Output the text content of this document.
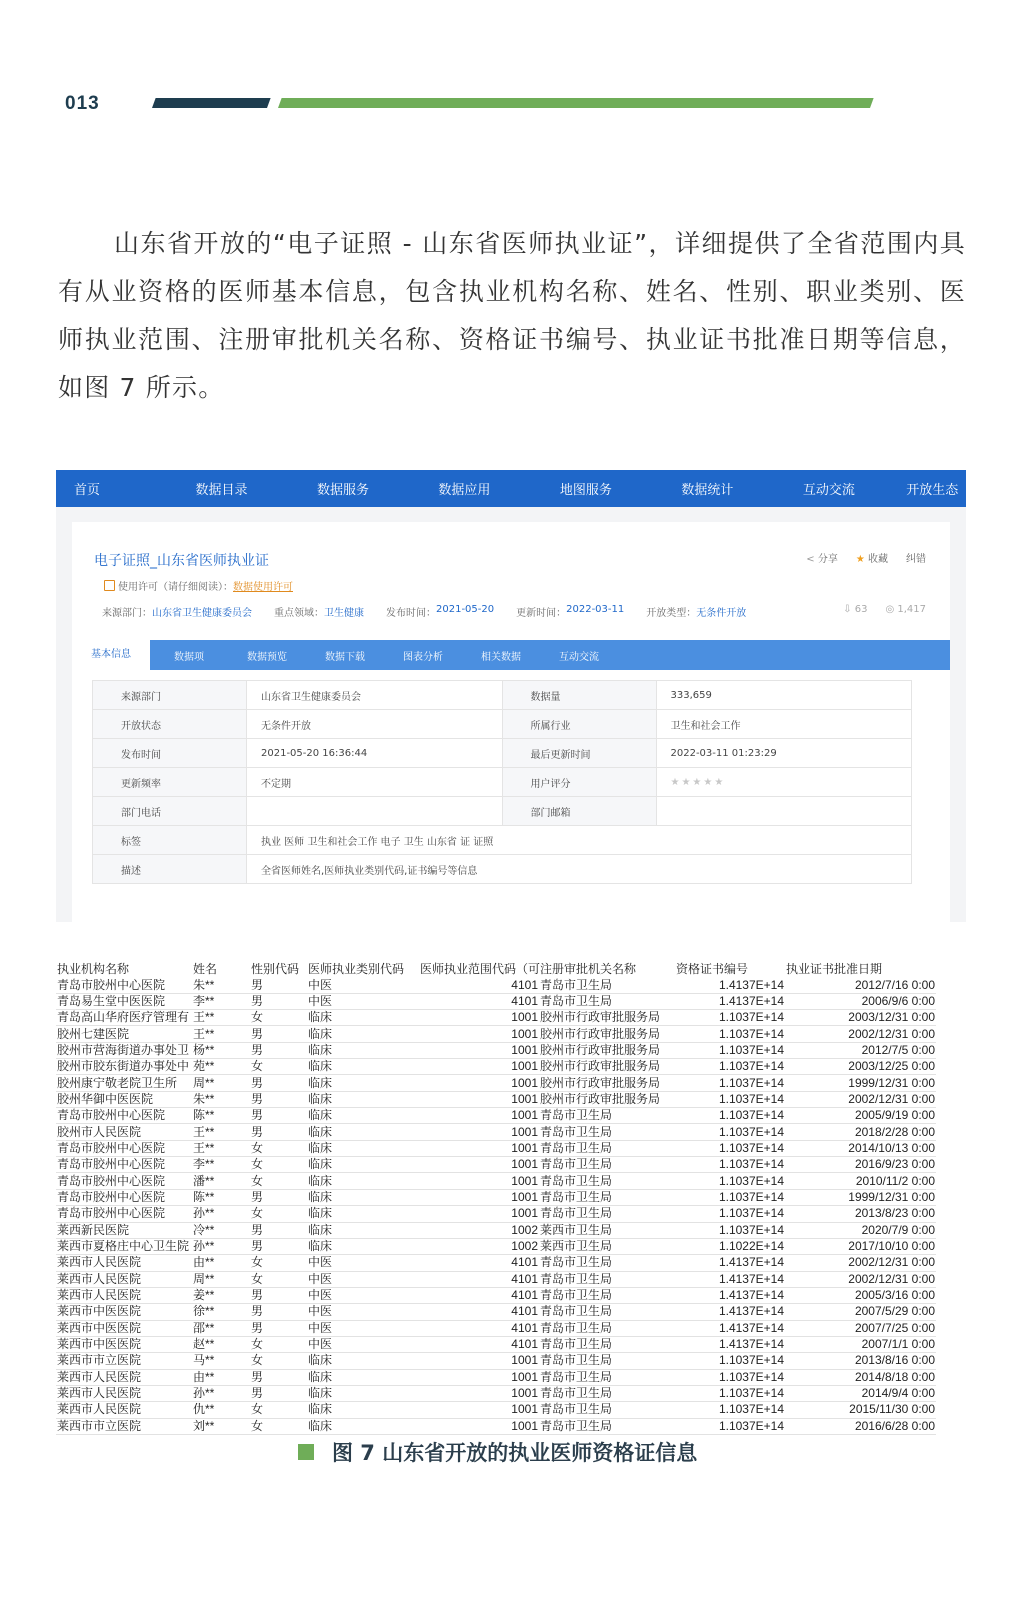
013

山东省开放的“电子证照 - 山东省医师执业证”，详细提供了全省范围内具有从业资格的医师基本信息，包含执业机构名称、姓名、性别、职业类别、医师执业范围、注册审批机关名称、资格证书编号、执业证书批准日期等信息，如图 7 所示。

首页	数据目录	数据服务	数据应用	地图服务	数据统计	互动交流	开放生态
电子证照_山东省医师执业证
使用许可（请仔细阅读）：数据使用许可
< 分享 ★ 收藏 纠错
来源部门： 山东省卫生健康委员会 重点领域： 卫生健康 发布时间： 2021-05-20 更新时间： 2022-03-11 开放类型： 无条件开放	⇩ 63 ◎ 1,417
基本信息	数据项	数据预览	数据下载	图表分析	相关数据	互动交流
来源部门	山东省卫生健康委员会	数据量	333,659
开放状态	无条件开放	所属行业	卫生和社会工作
发布时间	2021-05-20 16:36:44	最后更新时间	2022-03-11 01:23:29
更新频率	不定期	用户评分	★★★★★
部门电话		部门邮箱	
标签	执业 医师 卫生和社会工作 电子 卫生 山东省 证 证照		
描述	全省医师姓名,医师执业类别代码,证书编号等信息		
执业机构名称	姓名	性别代码	医师执业类别代码	医师执业范围代码（可注册审批机关名称		资格证书编号	执业证书批准日期
青岛市胶州中心医院	朱**	男	中医	4101	青岛市卫生局	1.4137E+14	2012/7/16 0:00
青岛易生堂中医医院	李**	男	中医	4101	青岛市卫生局	1.4137E+14	2006/9/6 0:00
青岛高山华府医疗管理有	王**	女	临床	1001	胶州市行政审批服务局	1.1037E+14	2003/12/31 0:00
胶州七建医院	王**	男	临床	1001	胶州市行政审批服务局	1.1037E+14	2002/12/31 0:00
胶州市营海街道办事处卫	杨**	男	临床	1001	胶州市行政审批服务局	1.1037E+14	2012/7/5 0:00
胶州市胶东街道办事处中	苑**	女	临床	1001	胶州市行政审批服务局	1.1037E+14	2003/12/25 0:00
胶州康宁敬老院卫生所	周**	男	临床	1001	胶州市行政审批服务局	1.1037E+14	1999/12/31 0:00
胶州华御中医医院	朱**	男	临床	1001	胶州市行政审批服务局	1.1037E+14	2002/12/31 0:00
青岛市胶州中心医院	陈**	男	临床	1001	青岛市卫生局	1.1037E+14	2005/9/19 0:00
胶州市人民医院	王**	男	临床	1001	青岛市卫生局	1.1037E+14	2018/2/28 0:00
青岛市胶州中心医院	王**	女	临床	1001	青岛市卫生局	1.1037E+14	2014/10/13 0:00
青岛市胶州中心医院	李**	女	临床	1001	青岛市卫生局	1.1037E+14	2016/9/23 0:00
青岛市胶州中心医院	潘**	女	临床	1001	青岛市卫生局	1.1037E+14	2010/11/2 0:00
青岛市胶州中心医院	陈**	男	临床	1001	青岛市卫生局	1.1037E+14	1999/12/31 0:00
青岛市胶州中心医院	孙**	女	临床	1001	青岛市卫生局	1.1037E+14	2013/8/23 0:00
莱西新民医院	冷**	男	临床	1002	莱西市卫生局	1.1037E+14	2020/7/9 0:00
莱西市夏格庄中心卫生院	孙**	男	临床	1002	莱西市卫生局	1.1022E+14	2017/10/10 0:00
莱西市人民医院	由**	女	中医	4101	青岛市卫生局	1.4137E+14	2002/12/31 0:00
莱西市人民医院	周**	女	中医	4101	青岛市卫生局	1.4137E+14	2002/12/31 0:00
莱西市人民医院	姜**	男	中医	4101	青岛市卫生局	1.4137E+14	2005/3/16 0:00
莱西市中医医院	徐**	男	中医	4101	青岛市卫生局	1.4137E+14	2007/5/29 0:00
莱西市中医医院	邵**	男	中医	4101	青岛市卫生局	1.4137E+14	2007/7/25 0:00
莱西市中医医院	赵**	女	中医	4101	青岛市卫生局	1.4137E+14	2007/1/1 0:00
莱西市市立医院	马**	女	临床	1001	青岛市卫生局	1.1037E+14	2013/8/16 0:00
莱西市人民医院	由**	男	临床	1001	青岛市卫生局	1.1037E+14	2014/8/18 0:00
莱西市人民医院	孙**	男	临床	1001	青岛市卫生局	1.1037E+14	2014/9/4 0:00
莱西市人民医院	仇**	女	临床	1001	青岛市卫生局	1.1037E+14	2015/11/30 0:00
莱西市市立医院	刘**	女	临床	1001	青岛市卫生局	1.1037E+14	2016/6/28 0:00
图 7 山东省开放的执业医师资格证信息
